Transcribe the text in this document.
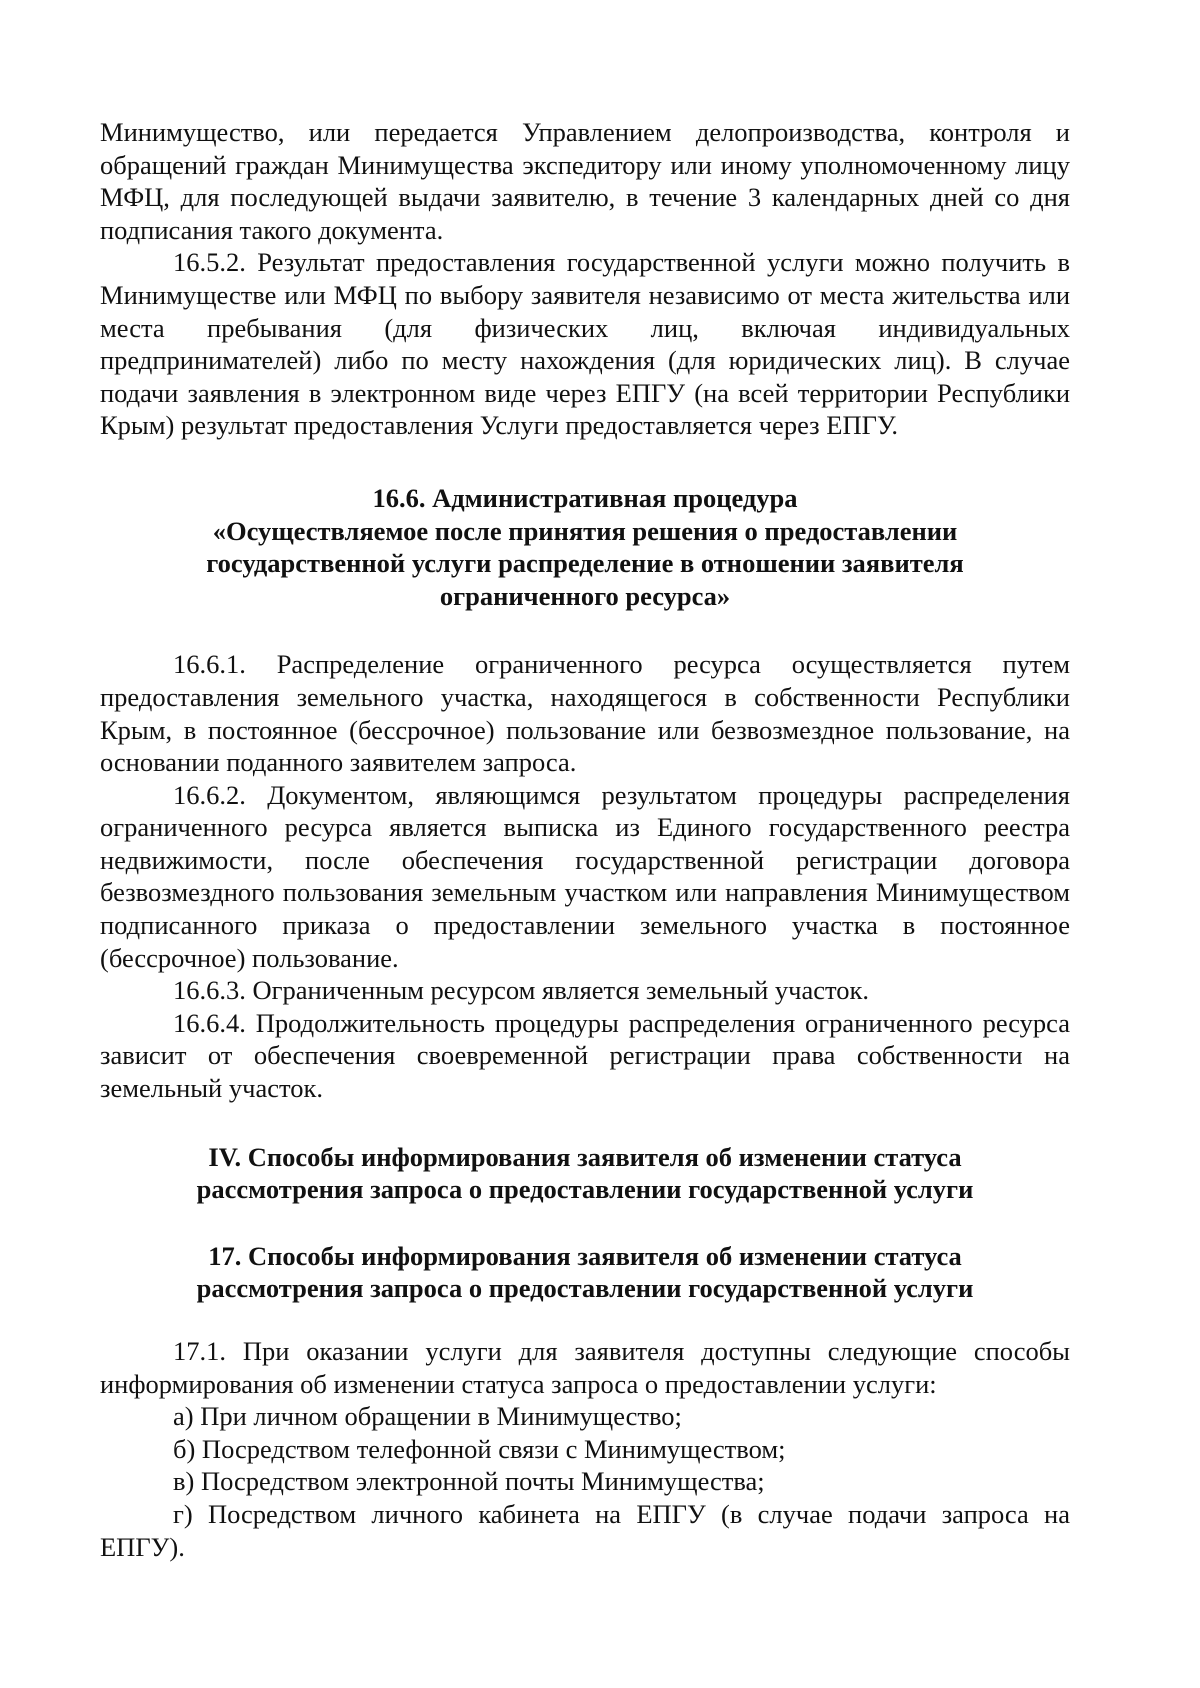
Минимущество, или передается Управлением делопроизводства, контроля и обращений граждан Минимущества экспедитору или иному уполномоченному лицу МФЦ, для последующей выдачи заявителю, в течение 3 календарных дней со дня подписания такого документа.

16.5.2. Результат предоставления государственной услуги можно получить в Минимуществе или МФЦ по выбору заявителя независимо от места жительства или места пребывания (для физических лиц, включая индивидуальных предпринимателей) либо по месту нахождения (для юридических лиц). В случае подачи заявления в электронном виде через ЕПГУ (на всей территории Республики Крым) результат предоставления Услуги предоставляется через ЕПГУ.

16.6. Административная процедура
«Осуществляемое после принятия решения о предоставлении
государственной услуги распределение в отношении заявителя
ограниченного ресурса»

16.6.1. Распределение ограниченного ресурса осуществляется путем предоставления земельного участка, находящегося в собственности Республики Крым, в постоянное (бессрочное) пользование или безвозмездное пользование, на основании поданного заявителем запроса.

16.6.2. Документом, являющимся результатом процедуры распределения ограниченного ресурса является выписка из Единого государственного реестра недвижимости, после обеспечения государственной регистрации договора безвозмездного пользования земельным участком или направления Минимуществом подписанного приказа о предоставлении земельного участка в постоянное (бессрочное) пользование.

16.6.3. Ограниченным ресурсом является земельный участок.

16.6.4. Продолжительность процедуры распределения ограниченного ресурса зависит от обеспечения своевременной регистрации права собственности на земельный участок.

IV. Способы информирования заявителя об изменении статуса
рассмотрения запроса о предоставлении государственной услуги
17. Способы информирования заявителя об изменении статуса
рассмотрения запроса о предоставлении государственной услуги

17.1. При оказании услуги для заявителя доступны следующие способы информирования об изменении статуса запроса о предоставлении услуги:

а) При личном обращении в Минимущество;

б) Посредством телефонной связи с Минимуществом;

в) Посредством электронной почты Минимущества;

г) Посредством личного кабинета на ЕПГУ (в случае подачи запроса на ЕПГУ).
